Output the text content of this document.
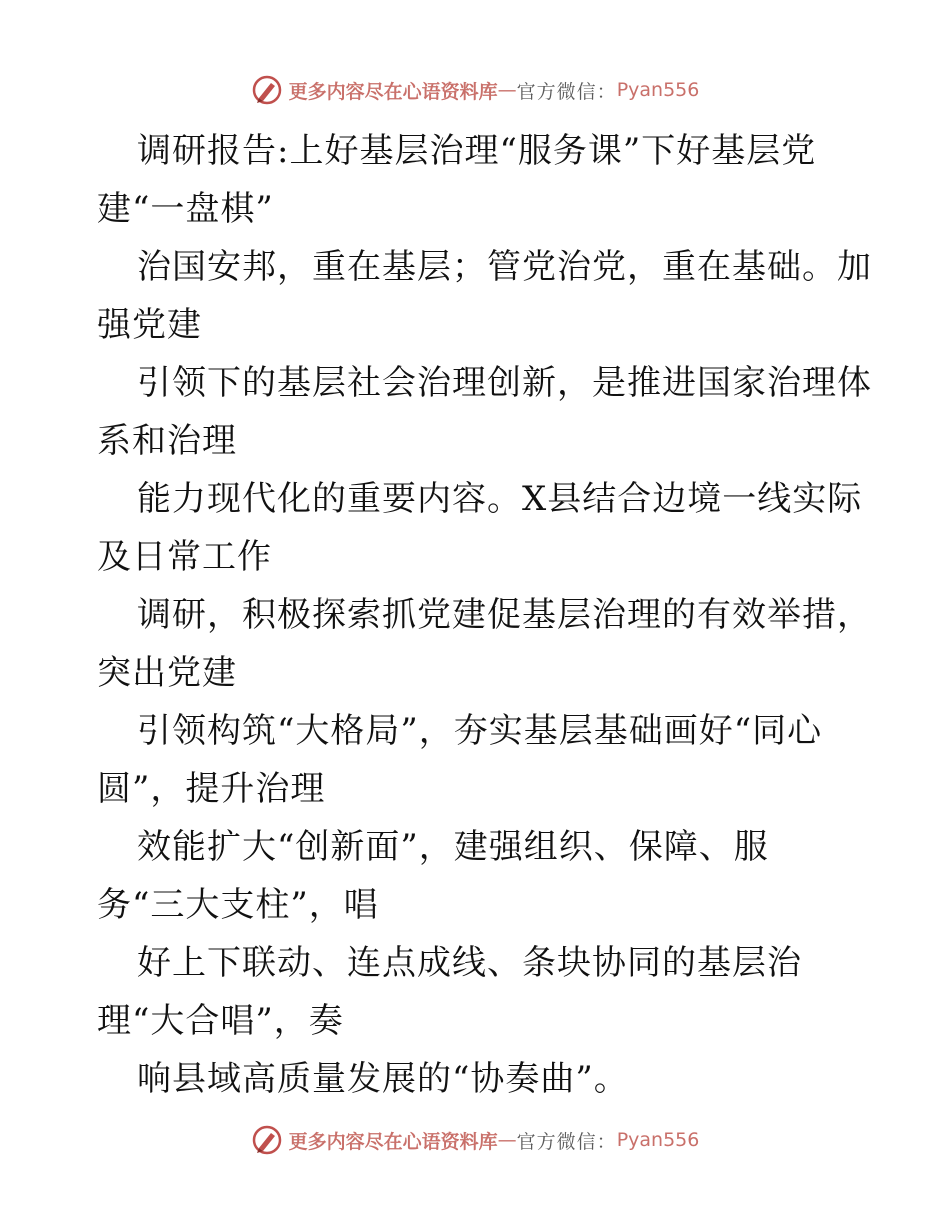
更多内容尽在心语资料库 — 官方微信： Pyan556
调研报告:上好基层治理“服务课”下好基层党
建“一盘棋”
治国安邦，重在基层；管党治党，重在基础。加
强党建
引领下的基层社会治理创新，是推进国家治理体
系和治理
能力现代化的重要内容。X县结合边境一线实际
及日常工作
调研，积极探索抓党建促基层治理的有效举措，
突出党建
引领构筑“大格局”，夯实基层基础画好“同心
圆”，提升治理
效能扩大“创新面”，建强组织、保障、服
务“三大支柱”，唱
好上下联动、连点成线、条块协同的基层治
理“大合唱”，奏
响县域高质量发展的“协奏曲”。
更多内容尽在心语资料库 — 官方微信： Pyan556
